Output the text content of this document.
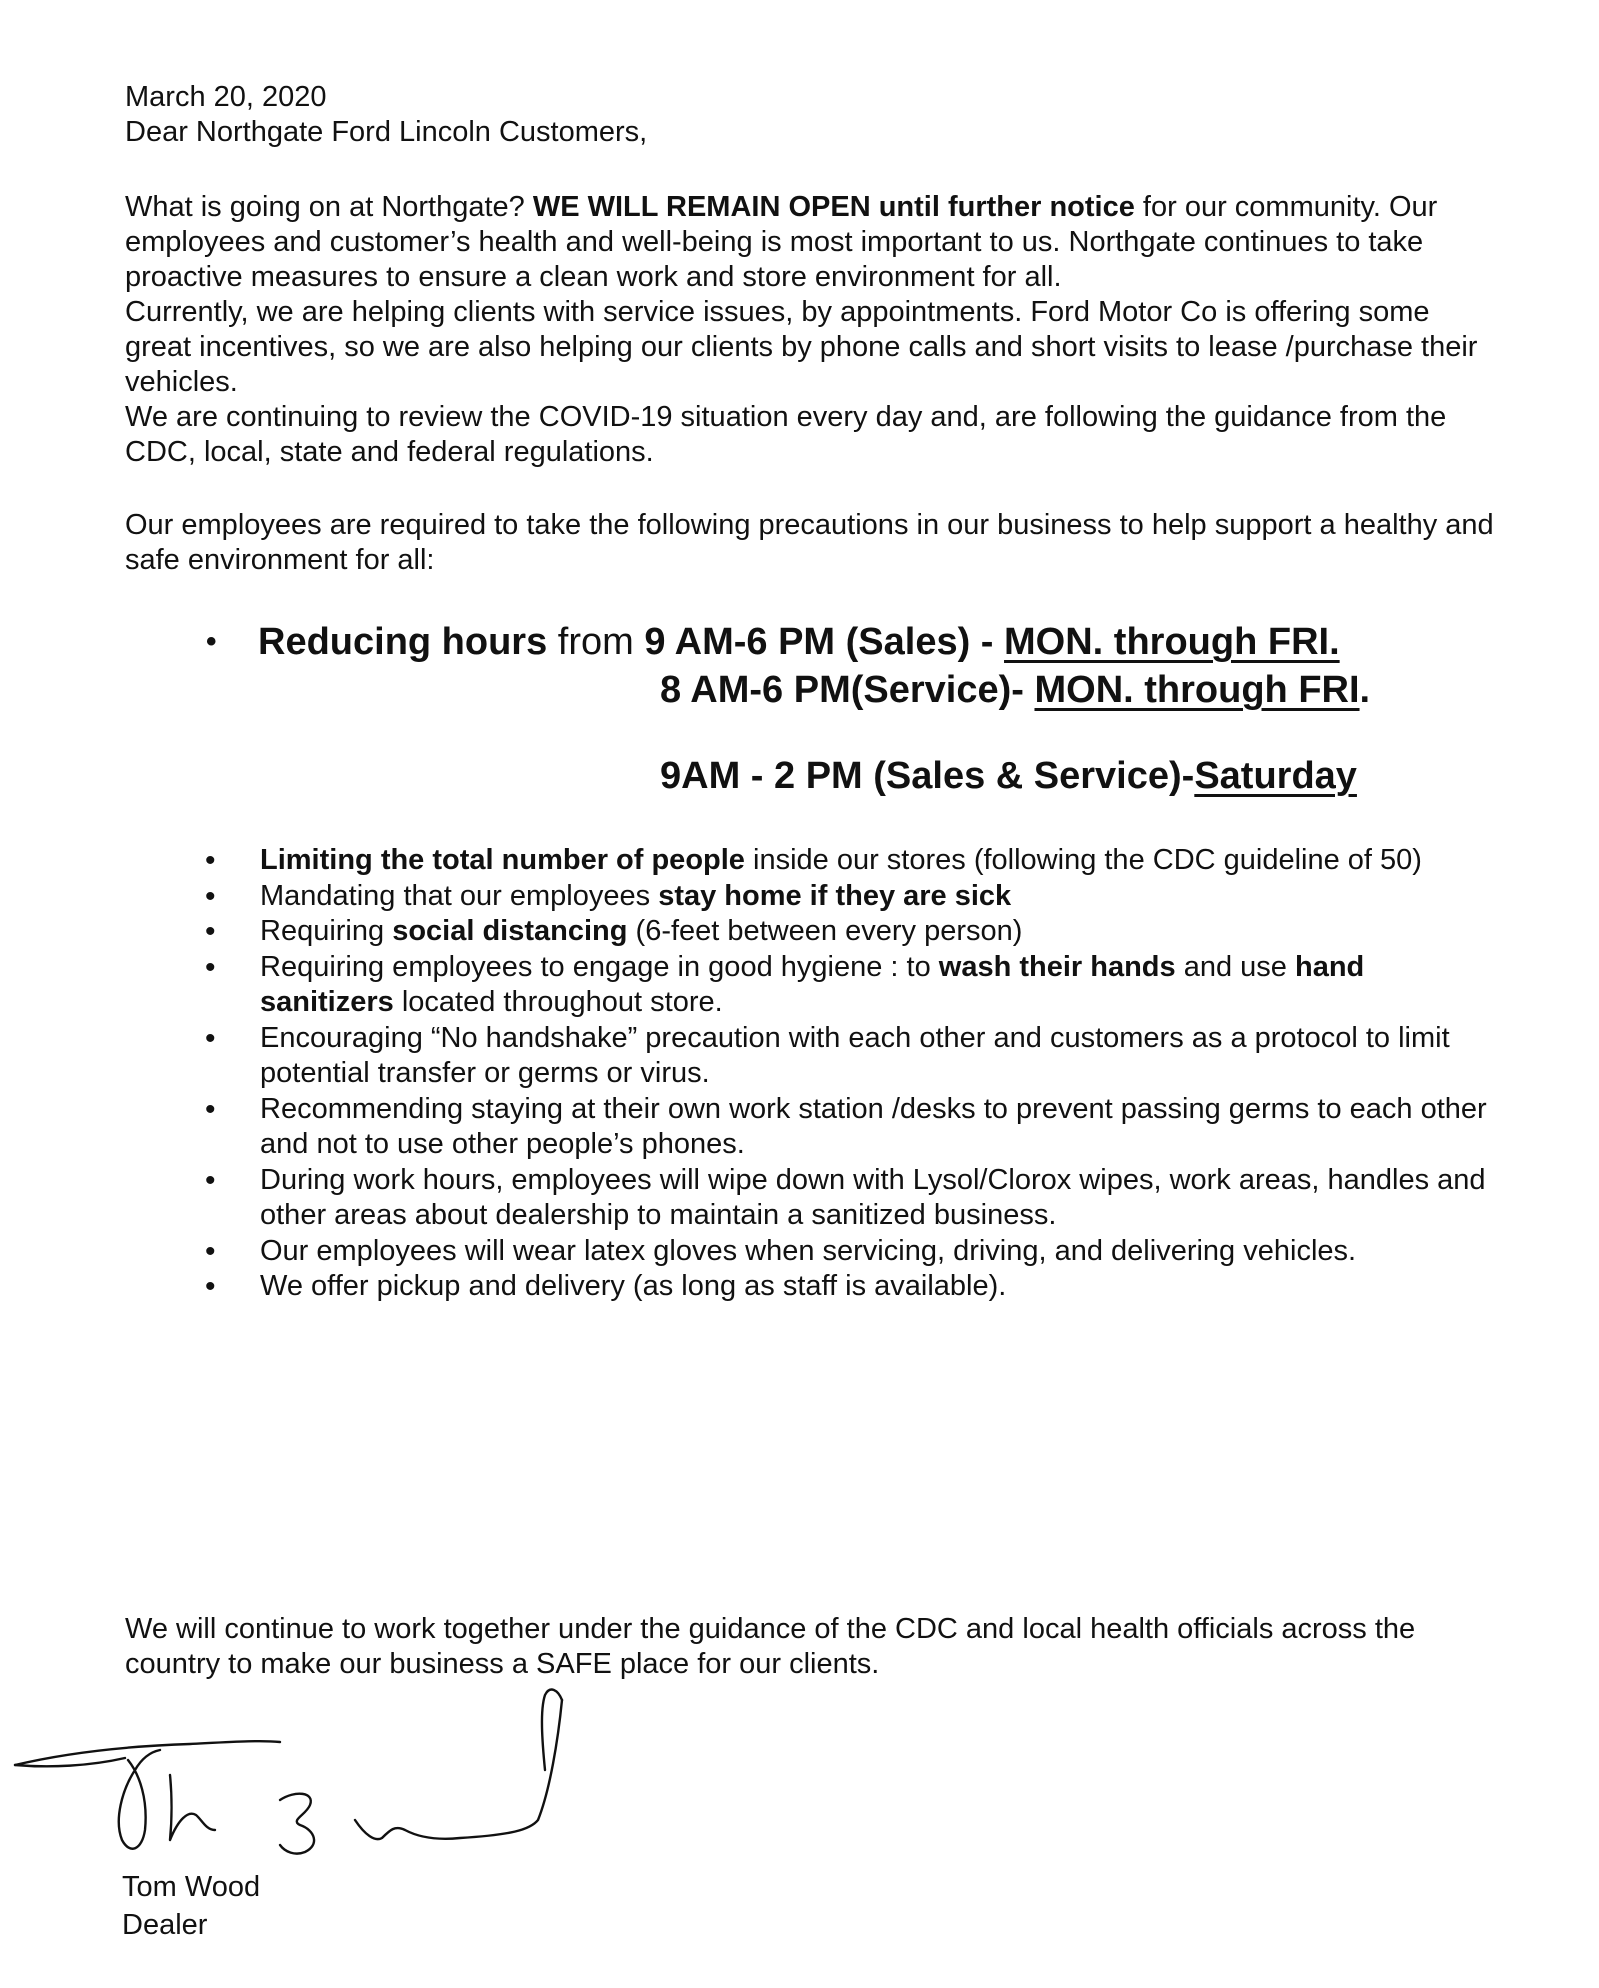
March 20, 2020

Dear Northgate Ford Lincoln Customers,

What is going on at Northgate? WE WILL REMAIN OPEN until further notice for our community. Our employees and customer’s health and well-being is most important to us. Northgate continues to take proactive measures to ensure a clean work and store environment for all.

Currently, we are helping clients with service issues, by appointments. Ford Motor Co is offering some great incentives, so we are also helping our clients by phone calls and short visits to lease /purchase their vehicles.

We are continuing to review the COVID-19 situation every day and, are following the guidance from the CDC, local, state and federal regulations.

Our employees are required to take the following precautions in our business to help support a healthy and safe environment for all:

• Reducing hours from 9 AM-6 PM (Sales) - MON. through FRI.
8 AM-6 PM(Service)- MON. through FRI.
9AM - 2 PM (Sales & Service)-Saturday
• Limiting the total number of people inside our stores (following the CDC guideline of 50)
• Mandating that our employees stay home if they are sick
• Requiring social distancing (6-feet between every person)
• Requiring employees to engage in good hygiene : to wash their hands and use hand sanitizers located throughout store.
• Encouraging “No handshake” precaution with each other and customers as a protocol to limit potential transfer or germs or virus.
• Recommending staying at their own work station /desks to prevent passing germs to each other and not to use other people’s phones.
• During work hours, employees will wipe down with Lysol/Clorox wipes, work areas, handles and other areas about dealership to maintain a sanitized business.
• Our employees will wear latex gloves when servicing, driving, and delivering vehicles.
• We offer pickup and delivery (as long as staff is available).

We will continue to work together under the guidance of the CDC and local health officials across the country to make our business a SAFE place for our clients.

Tom Wood
Dealer
